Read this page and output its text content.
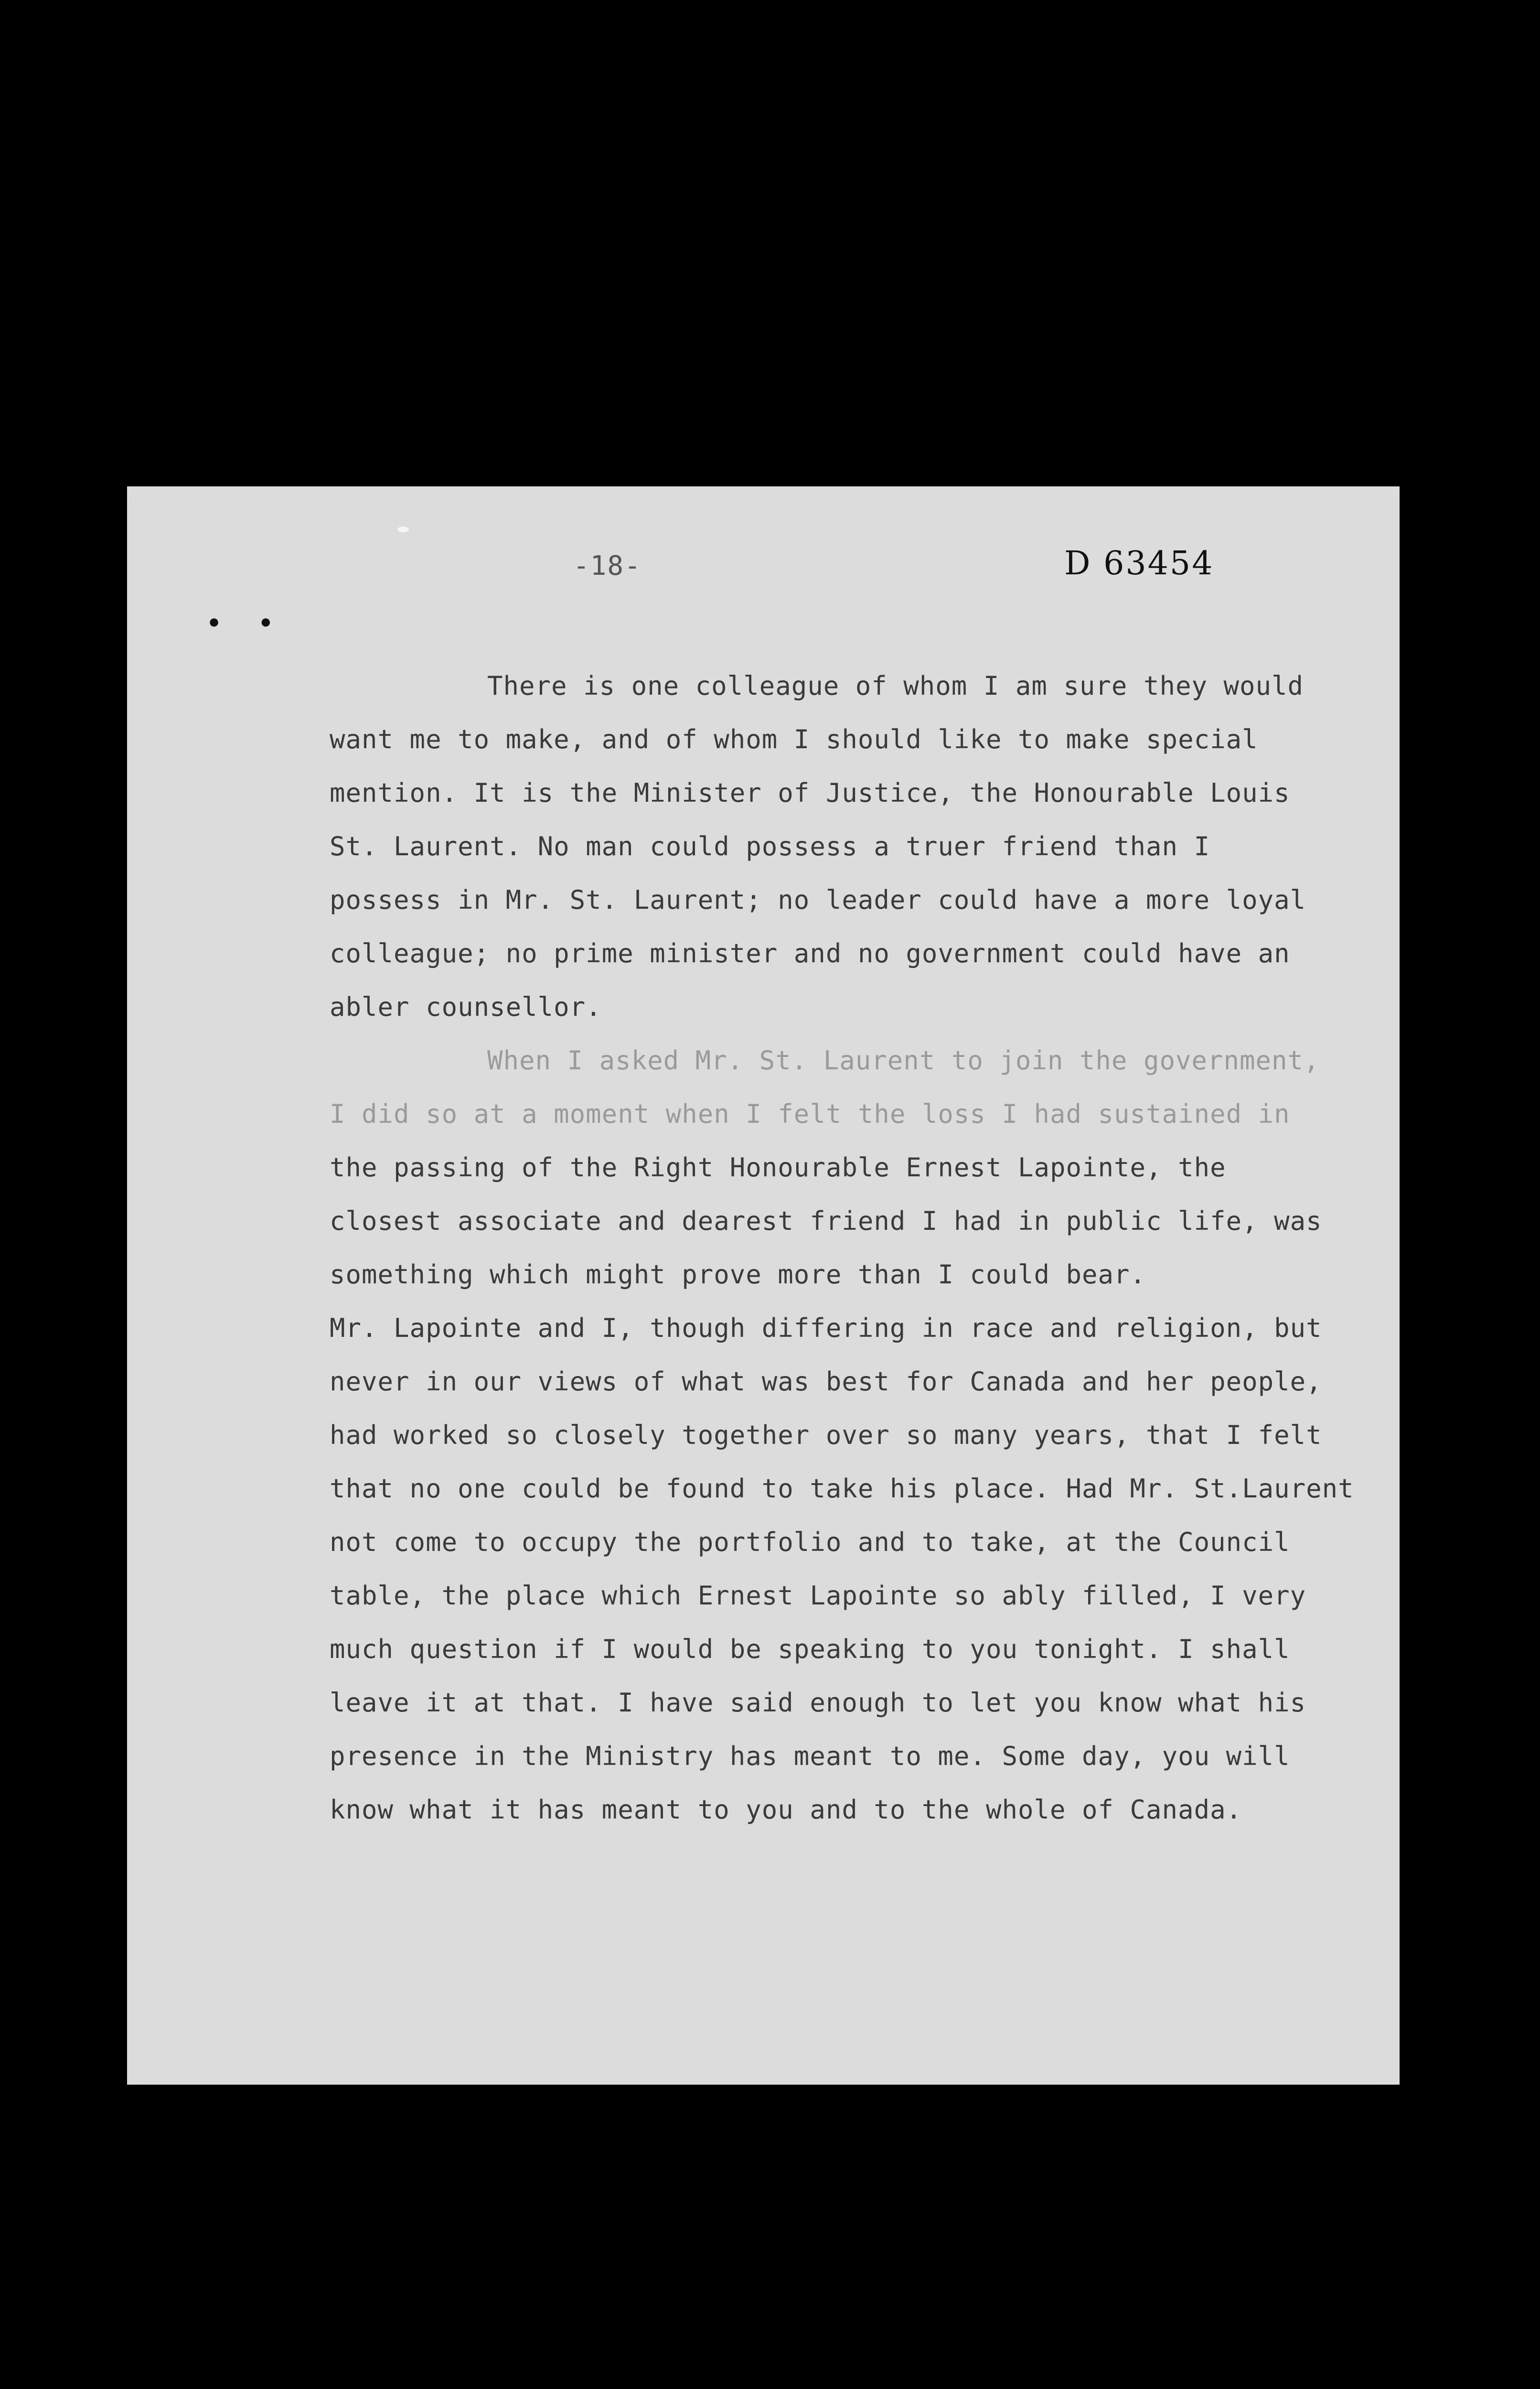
-18-	D 63454
• •
There is one colleague of whom I am sure they would
want me to make, and of whom I should like to make special
mention. It is the Minister of Justice, the Honourable Louis
St. Laurent. No man could possess a truer friend than I
possess in Mr. St. Laurent; no leader could have a more loyal
colleague; no prime minister and no government could have an
abler counsellor.
When I asked Mr. St. Laurent to join the government,
I did so at a moment when I felt the loss I had sustained in
the passing of the Right Honourable Ernest Lapointe, the
closest associate and dearest friend I had in public life, was
something which might prove more than I could bear.
Mr. Lapointe and I, though differing in race and religion, but
never in our views of what was best for Canada and her people,
had worked so closely together over so many years, that I felt
that no one could be found to take his place. Had Mr. St.Laurent
not come to occupy the portfolio and to take, at the Council
table, the place which Ernest Lapointe so ably filled, I very
much question if I would be speaking to you tonight. I shall
leave it at that. I have said enough to let you know what his
presence in the Ministry has meant to me. Some day, you will
know what it has meant to you and to the whole of Canada.
